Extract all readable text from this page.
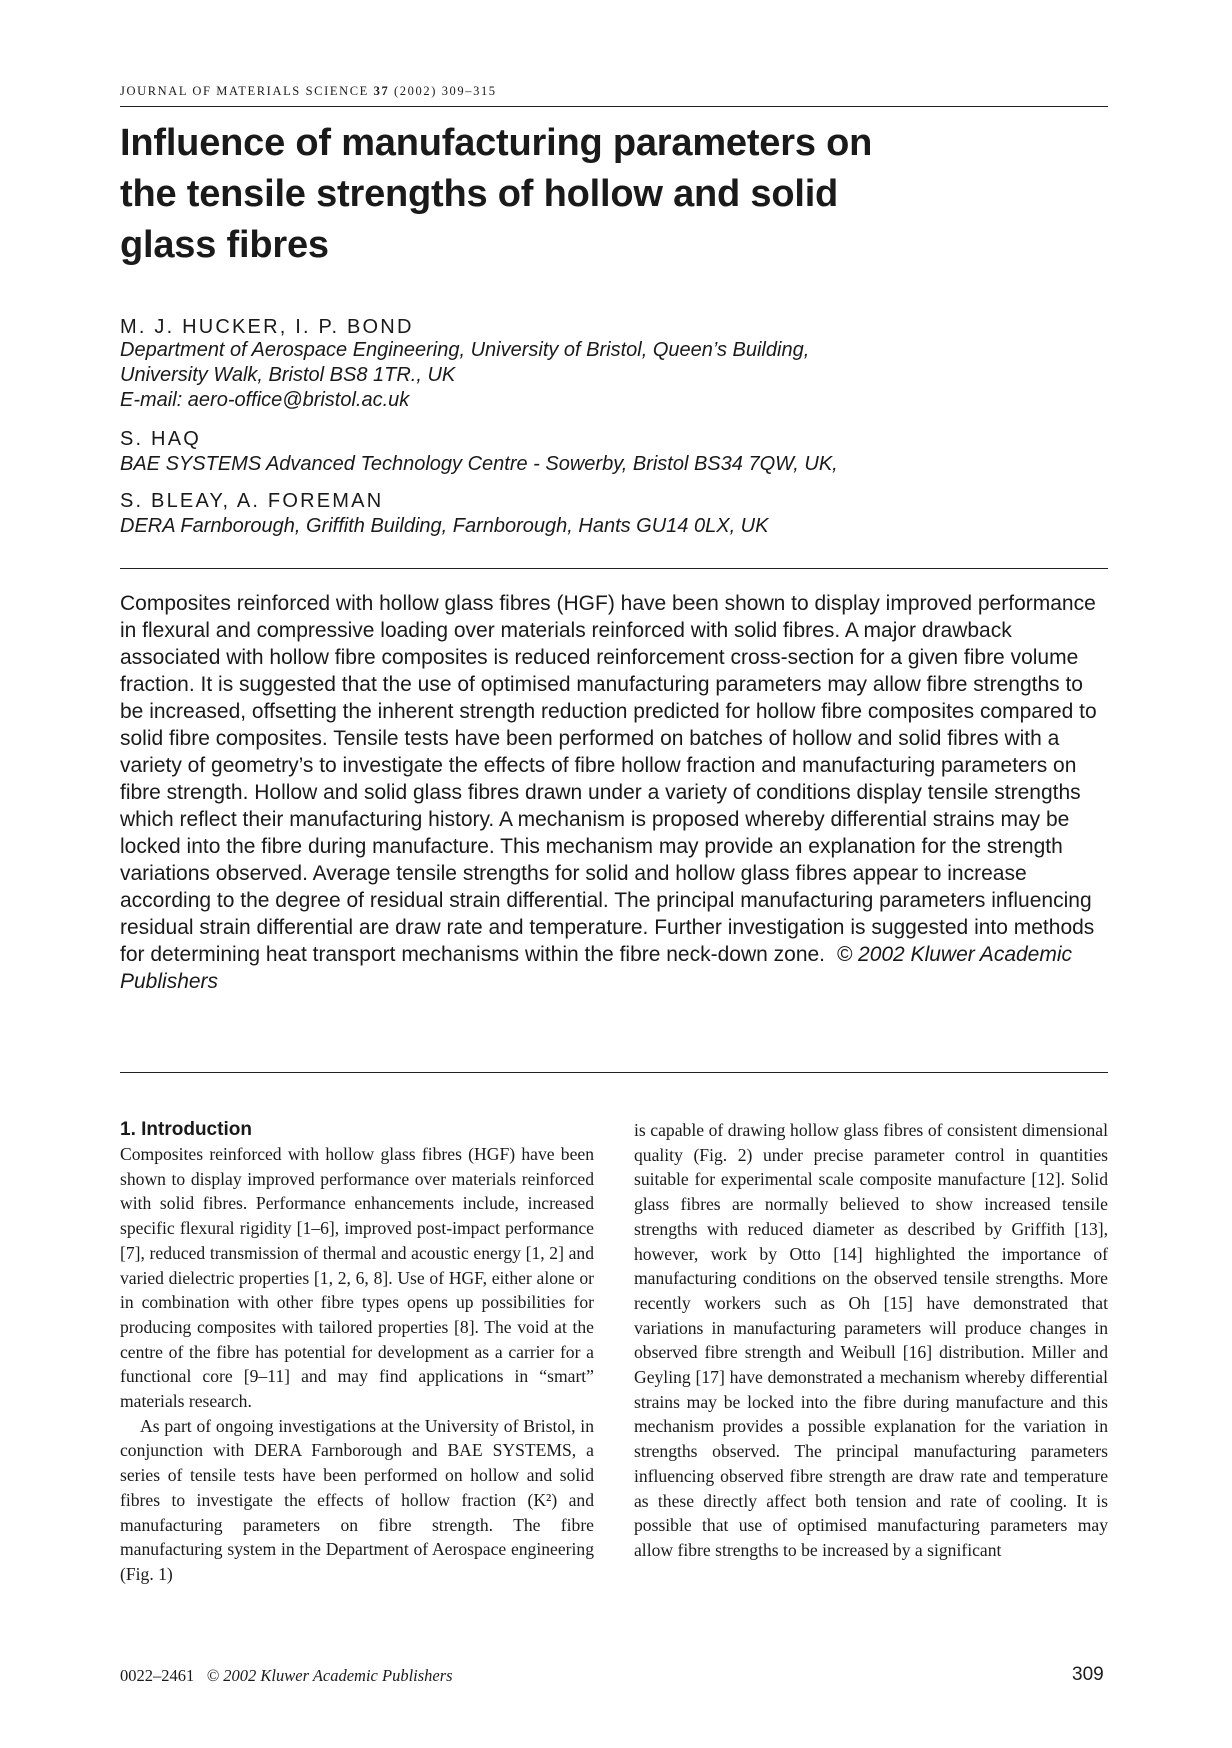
JOURNAL OF MATERIALS SCIENCE 37 (2002) 309–315
Influence of manufacturing parameters on the tensile strengths of hollow and solid glass fibres
M. J. HUCKER, I. P. BOND
Department of Aerospace Engineering, University of Bristol, Queen’s Building,
University Walk, Bristol BS8 1TR., UK
E-mail: aero-office@bristol.ac.uk
S. HAQ
BAE SYSTEMS Advanced Technology Centre - Sowerby, Bristol BS34 7QW, UK,
S. BLEAY, A. FOREMAN
DERA Farnborough, Griffith Building, Farnborough, Hants GU14 0LX, UK
Composites reinforced with hollow glass fibres (HGF) have been shown to display improved performance in flexural and compressive loading over materials reinforced with solid fibres. A major drawback associated with hollow fibre composites is reduced reinforcement cross-section for a given fibre volume fraction. It is suggested that the use of optimised manufacturing parameters may allow fibre strengths to be increased, offsetting the inherent strength reduction predicted for hollow fibre composites compared to solid fibre composites. Tensile tests have been performed on batches of hollow and solid fibres with a variety of geometry’s to investigate the effects of fibre hollow fraction and manufacturing parameters on fibre strength. Hollow and solid glass fibres drawn under a variety of conditions display tensile strengths which reflect their manufacturing history. A mechanism is proposed whereby differential strains may be locked into the fibre during manufacture. This mechanism may provide an explanation for the strength variations observed. Average tensile strengths for solid and hollow glass fibres appear to increase according to the degree of residual strain differential. The principal manufacturing parameters influencing residual strain differential are draw rate and temperature. Further investigation is suggested into methods for determining heat transport mechanisms within the fibre neck-down zone. © 2002 Kluwer Academic Publishers
1. Introduction

Composites reinforced with hollow glass fibres (HGF) have been shown to display improved performance over materials reinforced with solid fibres. Performance enhancements include, increased specific flexural rigidity [1–6], improved post-impact performance [7], reduced transmission of thermal and acoustic energy [1, 2] and varied dielectric properties [1, 2, 6, 8]. Use of HGF, either alone or in combination with other fibre types opens up possibilities for producing composites with tailored properties [8]. The void at the centre of the fibre has potential for development as a carrier for a functional core [9–11] and may find applications in “smart” materials research.

As part of ongoing investigations at the University of Bristol, in conjunction with DERA Farnborough and BAE SYSTEMS, a series of tensile tests have been performed on hollow and solid fibres to investigate the effects of hollow fraction (K²) and manufacturing parameters on fibre strength. The fibre manufacturing system in the Department of Aerospace engineering (Fig. 1)

is capable of drawing hollow glass fibres of consistent dimensional quality (Fig. 2) under precise parameter control in quantities suitable for experimental scale composite manufacture [12]. Solid glass fibres are normally believed to show increased tensile strengths with reduced diameter as described by Griffith [13], however, work by Otto [14] highlighted the importance of manufacturing conditions on the observed tensile strengths. More recently workers such as Oh [15] have demonstrated that variations in manufacturing parameters will produce changes in observed fibre strength and Weibull [16] distribution. Miller and Geyling [17] have demonstrated a mechanism whereby differential strains may be locked into the fibre during manufacture and this mechanism provides a possible explanation for the variation in strengths observed. The principal manufacturing parameters influencing observed fibre strength are draw rate and temperature as these directly affect both tension and rate of cooling. It is possible that use of optimised manufacturing parameters may allow fibre strengths to be increased by a significant

0022–2461 © 2002 Kluwer Academic Publishers	309
